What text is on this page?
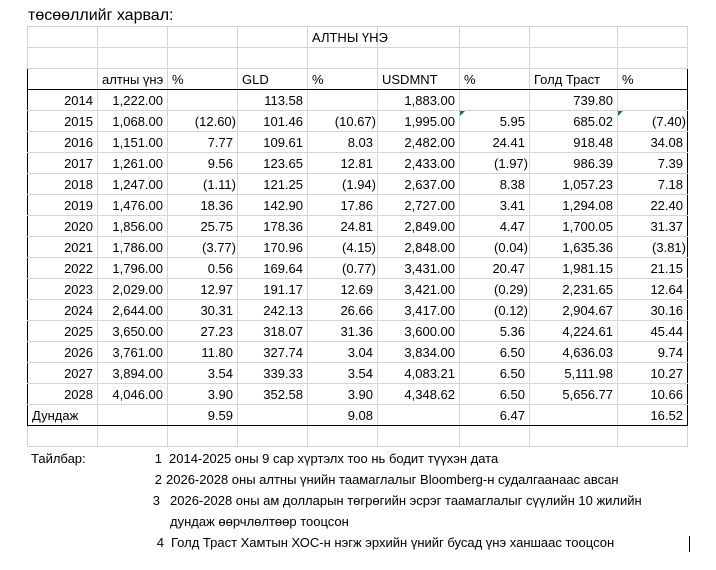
төсөөллийг харвал:
				АЛТНЫ ҮНЭ				

	алтны үнэ	%	GLD	%	USDMNT	%	Голд Траст	%
2014	1,222.00		113.58		1,883.00		739.80	
2015	1,068.00	(12.60)	101.46	(10.67)	1,995.00	5.95	685.02	(7.40)
2016	1,151.00	7.77	109.61	8.03	2,482.00	24.41	918.48	34.08
2017	1,261.00	9.56	123.65	12.81	2,433.00	(1.97)	986.39	7.39
2018	1,247.00	(1.11)	121.25	(1.94)	2,637.00	8.38	1,057.23	7.18
2019	1,476.00	18.36	142.90	17.86	2,727.00	3.41	1,294.08	22.40
2020	1,856.00	25.75	178.36	24.81	2,849.00	4.47	1,700.05	31.37
2021	1,786.00	(3.77)	170.96	(4.15)	2,848.00	(0.04)	1,635.36	(3.81)
2022	1,796.00	0.56	169.64	(0.77)	3,431.00	20.47	1,981.15	21.15
2023	2,029.00	12.97	191.17	12.69	3,421.00	(0.29)	2,231.65	12.64
2024	2,644.00	30.31	242.13	26.66	3,417.00	(0.12)	2,904.67	30.16
2025	3,650.00	27.23	318.07	31.36	3,600.00	5.36	4,224.61	45.44
2026	3,761.00	11.80	327.74	3.04	3,834.00	6.50	4,636.03	9.74
2027	3,894.00	3.54	339.33	3.54	4,083.21	6.50	5,111.98	10.27
2028	4,046.00	3.90	352.58	3.90	4,348.62	6.50	5,656.77	10.66
Дундаж		9.59		9.08		6.47		16.52

Тайлбар:	1 2014-2025 оны 9 сар хүртэлх тоо нь бодит түүхэн дата
2 2026-2028 оны алтны үнийн таамаглалыг Bloomberg-н судалгаанаас авсан
3 2026-2028 оны ам долларын төгрөгийн эсрэг таамаглалыг сүүлийн 10 жилийн
дундаж өөрчлөлтөөр тооцсон
4 Голд Траст Хамтын ХОС-н нэгж эрхийн үнийг бусад үнэ ханшаас тооцсон
